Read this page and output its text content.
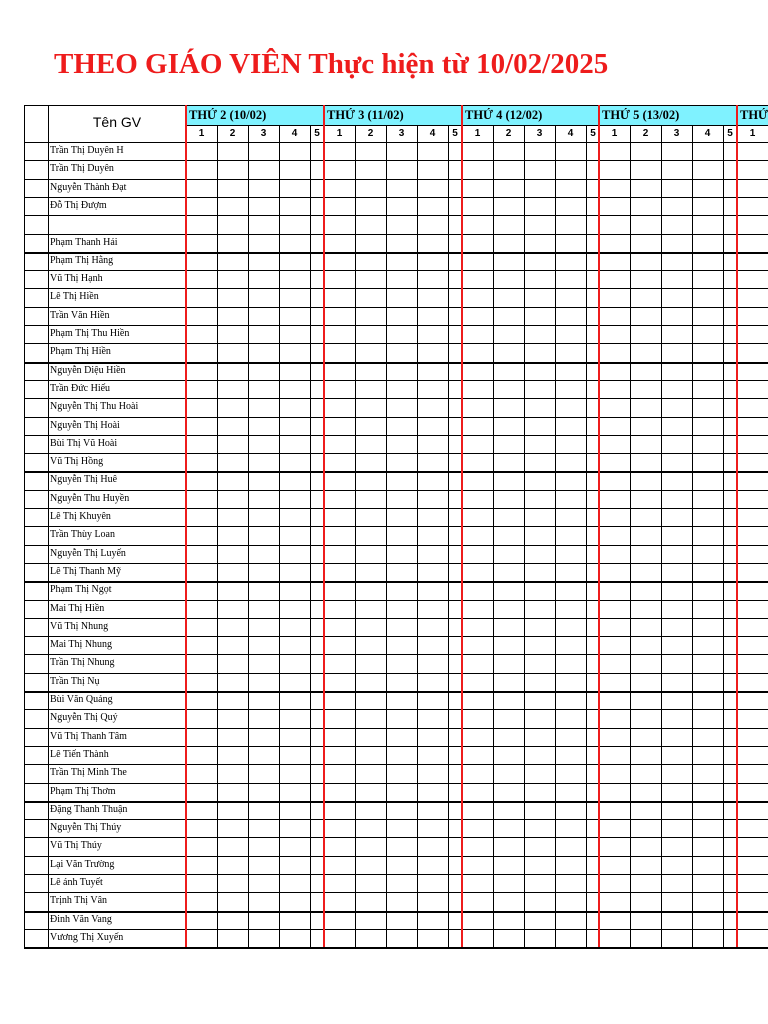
THEO GIÁO VIÊN Thực hiện từ 10/02/2025
THỨ 2 (10/02)	THỨ 3 (11/02)	THỨ 4 (12/02)	THỨ 5 (13/02)	THỨ
Tên GV
1	2	3	4	5	1	2	3	4	5	1	2	3	4	5	1	2	3	4	5	1
Trần Thị Duyên H
Trần Thị Duyên
Nguyễn Thành Đạt
Đỗ Thị Đượm
Phạm Thanh Hải
Phạm Thị Hằng
Vũ Thị Hạnh
Lê Thị Hiền
Trần Văn Hiền
Phạm Thị Thu Hiền
Phạm Thị Hiền
Nguyễn Diệu Hiền
Trần Đức Hiếu
Nguyễn Thị Thu Hoài
Nguyễn Thị Hoài
Bùi Thị Vũ Hoài
Vũ Thị Hồng
Nguyễn Thị Huê
Nguyễn Thu Huyền
Lê Thị Khuyên
Trần Thùy Loan
Nguyễn Thị Luyến
Lê Thị Thanh Mỹ
Phạm Thị Ngọt
Mai Thị Hiền
Vũ Thị Nhung
Mai Thị Nhung
Trần Thị Nhung
Trần Thị Nụ
Bùi Văn Quảng
Nguyễn Thị Quý
Vũ Thị Thanh Tâm
Lê Tiến Thành
Trần Thị Minh The
Phạm Thị Thơm
Đặng Thanh Thuận
Nguyễn Thị Thúy
Vũ Thị Thúy
Lại Văn Trường
Lê ánh Tuyết
Trịnh Thị Vân
Đinh Văn Vang
Vương Thị Xuyến
